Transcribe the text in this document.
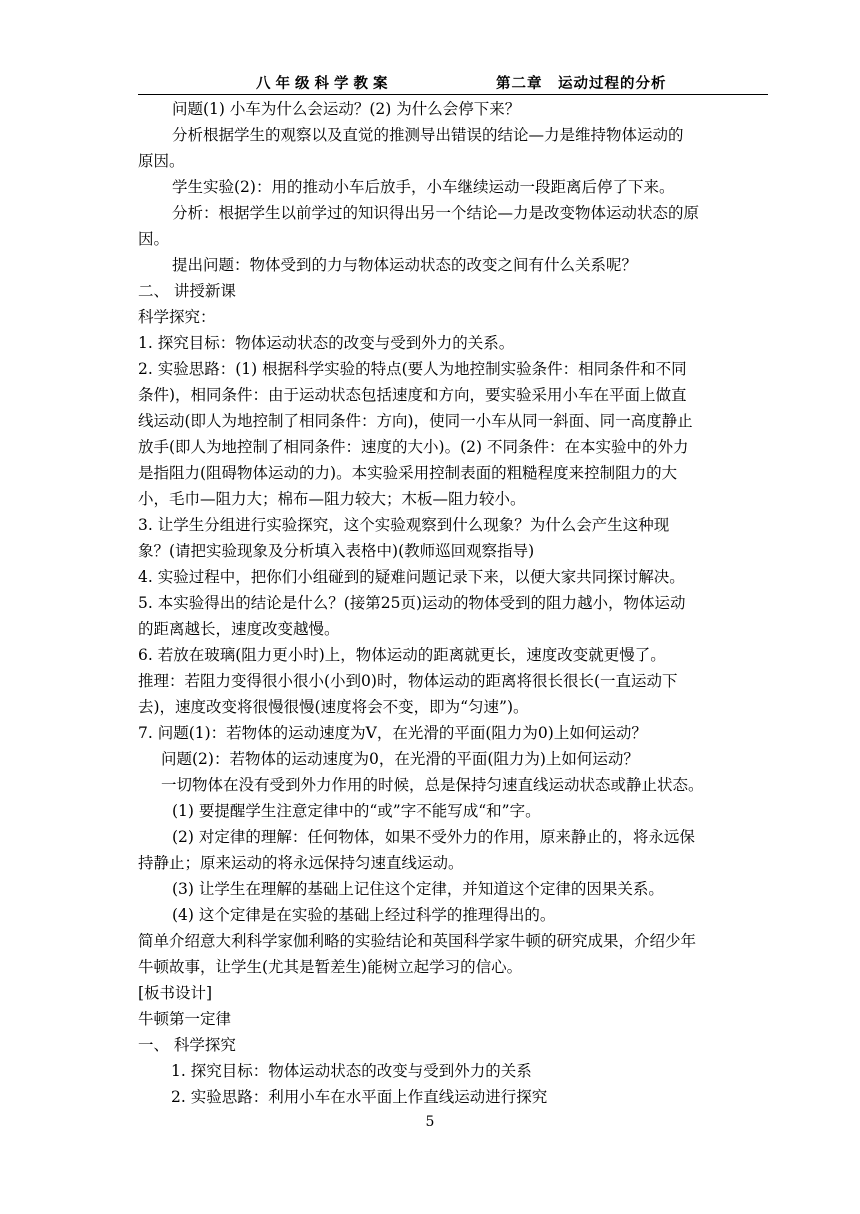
八年级科学教案	第二章　运动过程的分析
问题(1) 小车为什么会运动？(2) 为什么会停下来？
分析根据学生的观察以及直觉的推测导出错误的结论—力是维持物体运动的
原因。
学生实验(2)：用的推动小车后放手，小车继续运动一段距离后停了下来。
分析：根据学生以前学过的知识得出另一个结论—力是改变物体运动状态的原
因。
提出问题：物体受到的力与物体运动状态的改变之间有什么关系呢？
二、 讲授新课
科学探究：
1. 探究目标：物体运动状态的改变与受到外力的关系。
2. 实验思路：(1) 根据科学实验的特点(要人为地控制实验条件：相同条件和不同
条件)，相同条件：由于运动状态包括速度和方向，要实验采用小车在平面上做直
线运动(即人为地控制了相同条件：方向)，使同一小车从同一斜面、同一高度静止
放手(即人为地控制了相同条件：速度的大小)。(2) 不同条件：在本实验中的外力
是指阻力(阻碍物体运动的力)。本实验采用控制表面的粗糙程度来控制阻力的大
小，毛巾—阻力大；棉布—阻力较大；木板—阻力较小。
3. 让学生分组进行实验探究，这个实验观察到什么现象？为什么会产生这种现
象？(请把实验现象及分析填入表格中)(教师巡回观察指导)
4. 实验过程中，把你们小组碰到的疑难问题记录下来，以便大家共同探讨解决。
5. 本实验得出的结论是什么？(接第25页)运动的物体受到的阻力越小，物体运动
的距离越长，速度改变越慢。
6. 若放在玻璃(阻力更小时)上，物体运动的距离就更长，速度改变就更慢了。
推理：若阻力变得很小很小(小到0)时，物体运动的距离将很长很长(一直运动下
去)，速度改变将很慢很慢(速度将会不变，即为“匀速”)。
7. 问题(1)：若物体的运动速度为V，在光滑的平面(阻力为0)上如何运动？
问题(2)：若物体的运动速度为0，在光滑的平面(阻力为)上如何运动？
一切物体在没有受到外力作用的时候，总是保持匀速直线运动状态或静止状态。
(1) 要提醒学生注意定律中的“或”字不能写成“和”字。
(2) 对定律的理解：任何物体，如果不受外力的作用，原来静止的，将永远保
持静止；原来运动的将永远保持匀速直线运动。
(3) 让学生在理解的基础上记住这个定律，并知道这个定律的因果关系。
(4) 这个定律是在实验的基础上经过科学的推理得出的。
简单介绍意大利科学家伽利略的实验结论和英国科学家牛顿的研究成果，介绍少年
牛顿故事，让学生(尤其是暂差生)能树立起学习的信心。
[板书设计]
牛顿第一定律
一、 科学探究
1. 探究目标：物体运动状态的改变与受到外力的关系
2. 实验思路：利用小车在水平面上作直线运动进行探究
5
